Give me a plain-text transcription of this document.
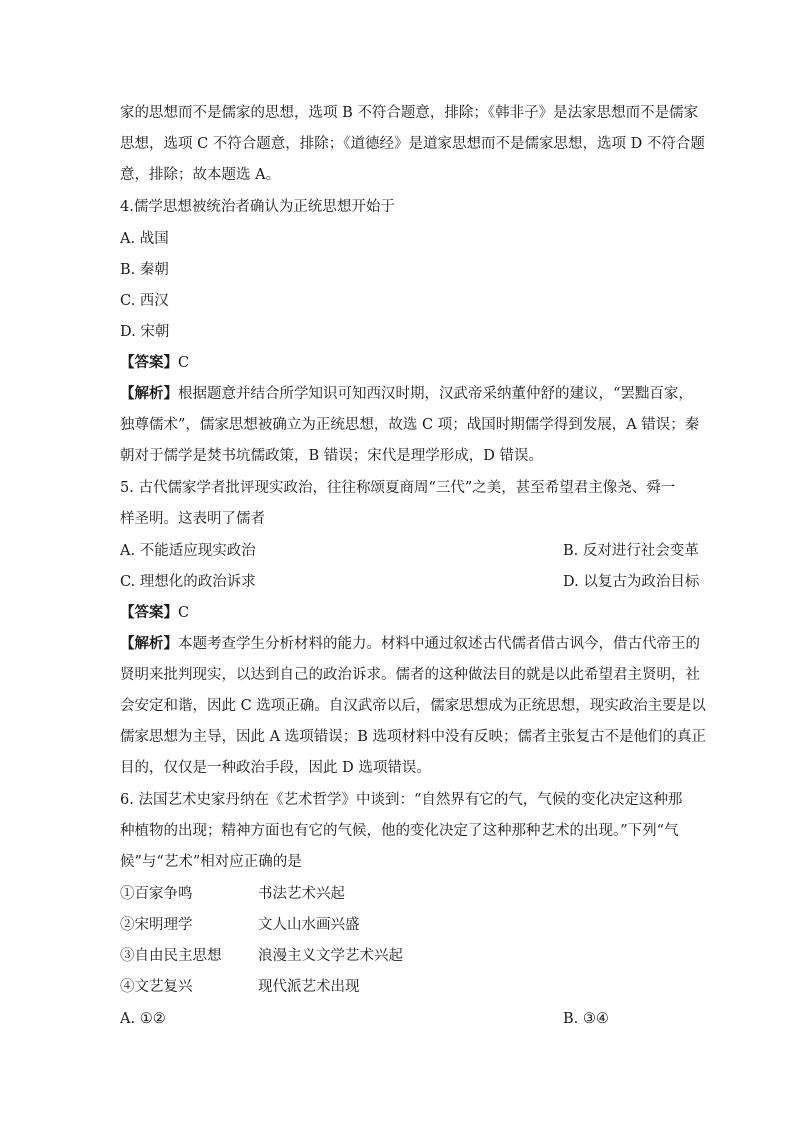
家的思想而不是儒家的思想，选项 B 不符合题意，排除；《韩非子》是法家思想而不是儒家
思想，选项 C 不符合题意，排除；《道德经》是道家思想而不是儒家思想，选项 D 不符合题
意，排除；故本题选 A。
4.儒学思想被统治者确认为正统思想开始于
A. 战国
B. 秦朝
C. 西汉
D. 宋朝
【答案】C
【解析】根据题意并结合所学知识可知西汉时期，汉武帝采纳董仲舒的建议，“罢黜百家，
独尊儒术”，儒家思想被确立为正统思想，故选 C 项；战国时期儒学得到发展，A 错误；秦
朝对于儒学是焚书坑儒政策，B 错误；宋代是理学形成，D 错误。
5. 古代儒家学者批评现实政治，往往称颂夏商周“三代”之美，甚至希望君主像尧、舜一
样圣明。这表明了儒者
A. 不能适应现实政治	B. 反对进行社会变革
C. 理想化的政治诉求	D. 以复古为政治目标
【答案】C
【解析】本题考查学生分析材料的能力。材料中通过叙述古代儒者借古讽今，借古代帝王的
贤明来批判现实，以达到自己的政治诉求。儒者的这种做法目的就是以此希望君主贤明，社
会安定和谐，因此 C 选项正确。自汉武帝以后，儒家思想成为正统思想，现实政治主要是以
儒家思想为主导，因此 A 选项错误；B 选项材料中没有反映；儒者主张复古不是他们的真正
目的，仅仅是一种政治手段，因此 D 选项错误。
6. 法国艺术史家丹纳在《艺术哲学》中谈到：“自然界有它的气，气候的变化决定这种那
种植物的出现；精神方面也有它的气候，他的变化决定了这种那种艺术的出现。”下列“气
候”与“艺术”相对应正确的是
①百家争鸣	书法艺术兴起
②宋明理学	文人山水画兴盛
③自由民主思想	浪漫主义文学艺术兴起
④文艺复兴	现代派艺术出现
A. ①②	B. ③④
